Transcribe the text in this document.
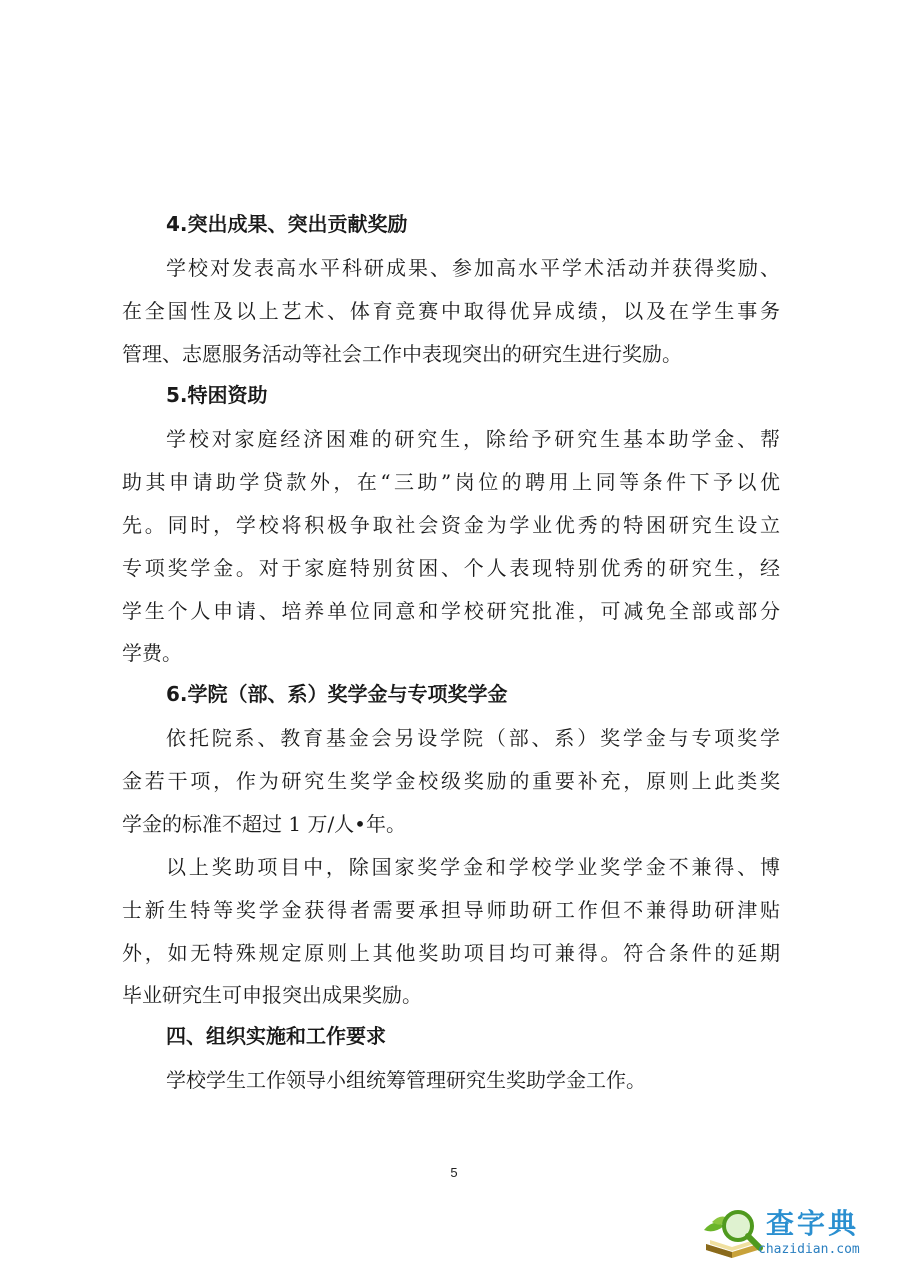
4.突出成果、突出贡献奖励
学校对发表高水平科研成果、参加高水平学术活动并获得奖励、
在全国性及以上艺术、体育竞赛中取得优异成绩，以及在学生事务
管理、志愿服务活动等社会工作中表现突出的研究生进行奖励。
5.特困资助
学校对家庭经济困难的研究生，除给予研究生基本助学金、帮
助其申请助学贷款外，在“三助”岗位的聘用上同等条件下予以优
先。同时，学校将积极争取社会资金为学业优秀的特困研究生设立
专项奖学金。对于家庭特别贫困、个人表现特别优秀的研究生，经
学生个人申请、培养单位同意和学校研究批准，可减免全部或部分
学费。
6.学院（部、系）奖学金与专项奖学金
依托院系、教育基金会另设学院（部、系）奖学金与专项奖学
金若干项，作为研究生奖学金校级奖励的重要补充，原则上此类奖
学金的标准不超过 1 万/人•年。
以上奖助项目中，除国家奖学金和学校学业奖学金不兼得、博
士新生特等奖学金获得者需要承担导师助研工作但不兼得助研津贴
外，如无特殊规定原则上其他奖助项目均可兼得。符合条件的延期
毕业研究生可申报突出成果奖励。
四、组织实施和工作要求
学校学生工作领导小组统筹管理研究生奖助学金工作。
5
查字典
chazidian.com
